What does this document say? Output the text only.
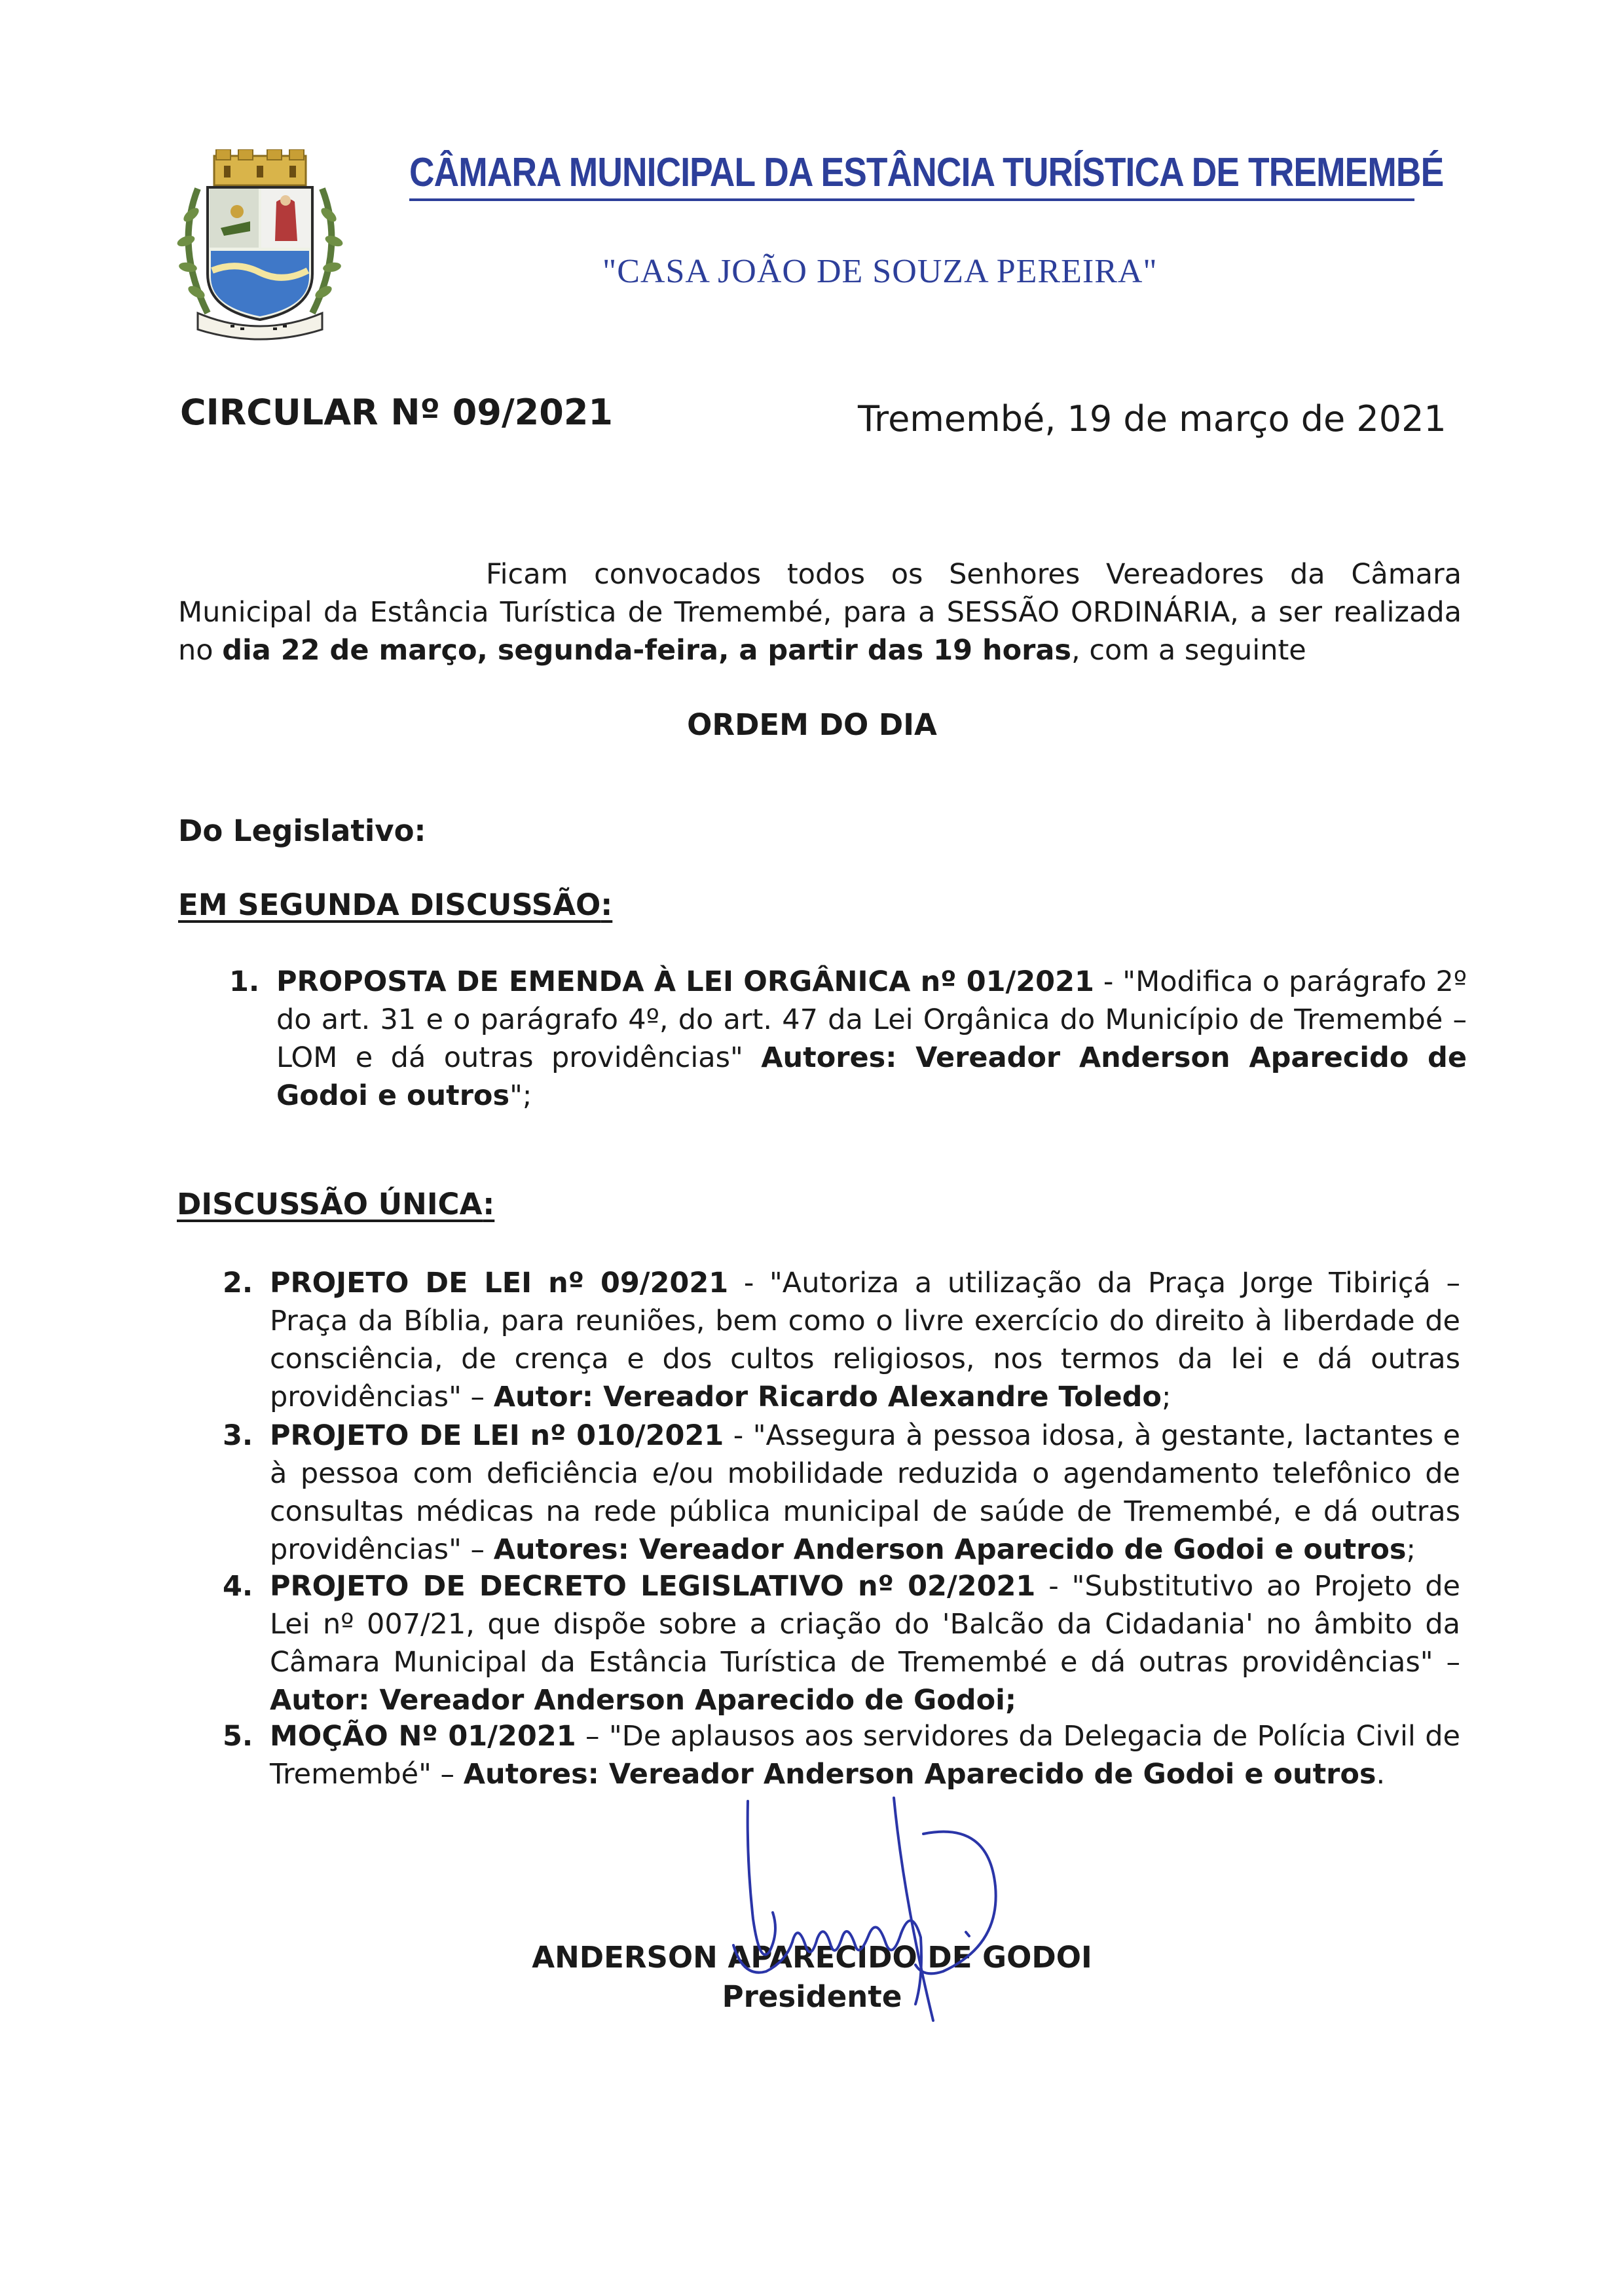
CÂMARA MUNICIPAL DA ESTÂNCIA TURÍSTICA DE TREMEMBÉ
"CASA JOÃO DE SOUZA PEREIRA"
CIRCULAR Nº 09/2021	Tremembé, 19 de março de 2021
Ficam convocados todos os Senhores Vereadores da Câmara Municipal da Estância Turística de Tremembé, para a SESSÃO ORDINÁRIA, a ser realizada no dia 22 de março, segunda-feira, a partir das 19 horas, com a seguinte
ORDEM DO DIA
Do Legislativo:
EM SEGUNDA DISCUSSÃO:
1. PROPOSTA DE EMENDA À LEI ORGÂNICA nº 01/2021 - "Modifica o parágrafo 2º do art. 31 e o parágrafo 4º, do art. 47 da Lei Orgânica do Município de Tremembé – LOM e dá outras providências" Autores: Vereador Anderson Aparecido de Godoi e outros";
DISCUSSÃO ÚNICA:
2. PROJETO DE LEI nº 09/2021 - "Autoriza a utilização da Praça Jorge Tibiriçá – Praça da Bíblia, para reuniões, bem como o livre exercício do direito à liberdade de consciência, de crença e dos cultos religiosos, nos termos da lei e dá outras providências" – Autor: Vereador Ricardo Alexandre Toledo;
3. PROJETO DE LEI nº 010/2021 - "Assegura à pessoa idosa, à gestante, lactantes e à pessoa com deficiência e/ou mobilidade reduzida o agendamento telefônico de consultas médicas na rede pública municipal de saúde de Tremembé, e dá outras providências" – Autores: Vereador Anderson Aparecido de Godoi e outros;
4. PROJETO DE DECRETO LEGISLATIVO nº 02/2021 - "Substitutivo ao Projeto de Lei nº 007/21, que dispõe sobre a criação do 'Balcão da Cidadania' no âmbito da Câmara Municipal da Estância Turística de Tremembé e dá outras providências" – Autor: Vereador Anderson Aparecido de Godoi;
5. MOÇÃO Nº 01/2021 – "De aplausos aos servidores da Delegacia de Polícia Civil de Tremembé" – Autores: Vereador Anderson Aparecido de Godoi e outros.
ANDERSON APARECIDO DE GODOI
Presidente
